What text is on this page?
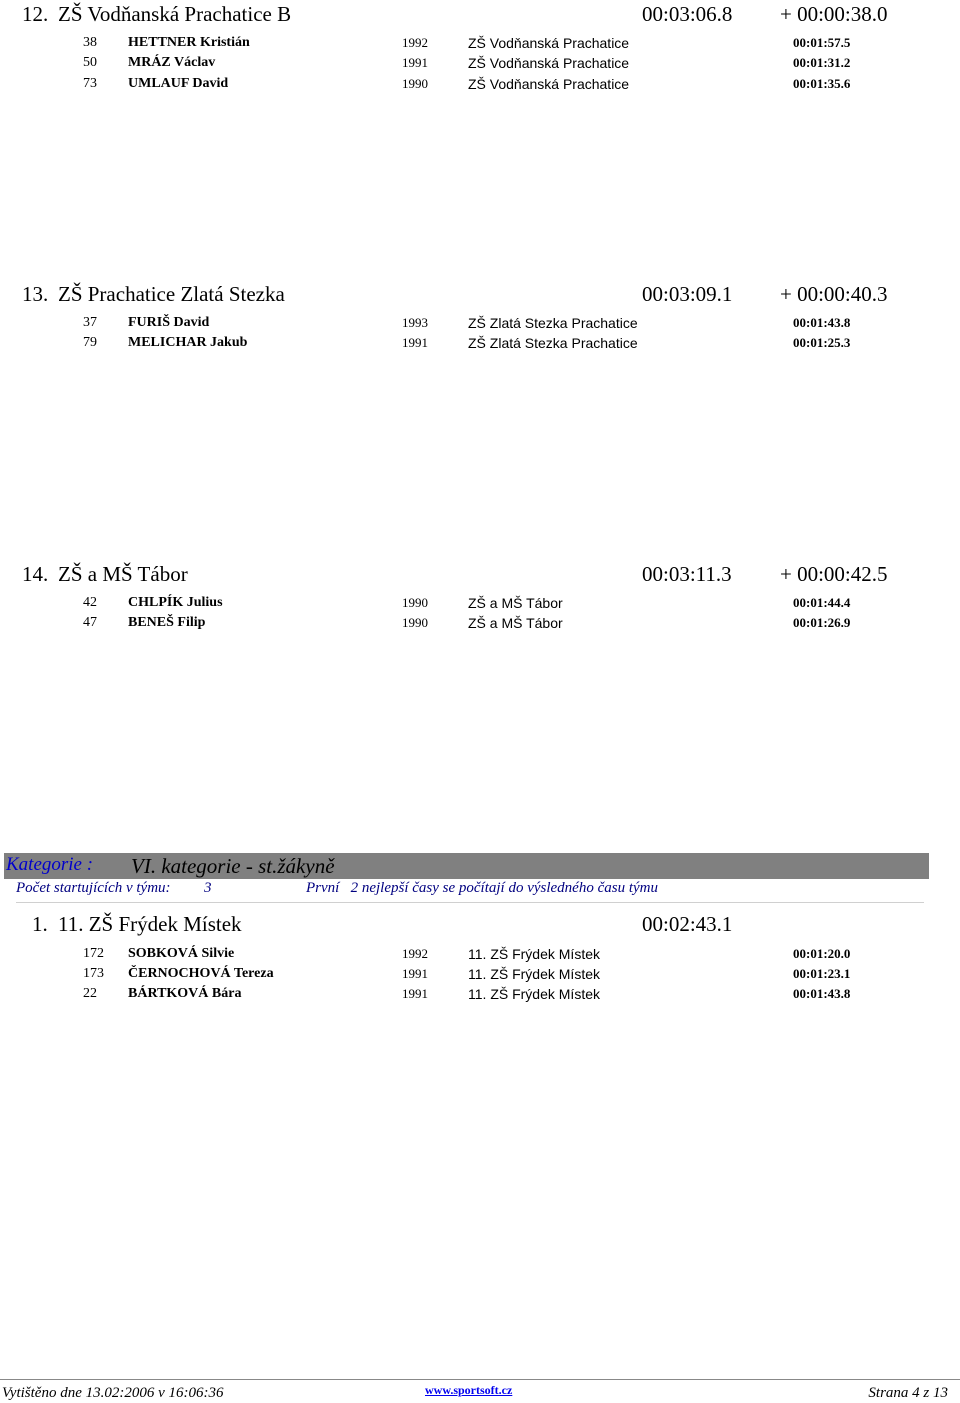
12. ZŠ Vodňanská Prachatice B	00:03:06.8 + 00:00:38.0
38 HETTNER Kristián	1992	ZŠ Vodňanská Prachatice	00:01:57.5
50 MRÁZ Václav	1991	ZŠ Vodňanská Prachatice	00:01:31.2
73 UMLAUF David	1990	ZŠ Vodňanská Prachatice	00:01:35.6
13. ZŠ Prachatice Zlatá Stezka	00:03:09.1 + 00:00:40.3
37 FURIŠ David	1993	ZŠ Zlatá Stezka Prachatice	00:01:43.8
79 MELICHAR Jakub	1991	ZŠ Zlatá Stezka Prachatice	00:01:25.3
14. ZŠ a MŠ Tábor	00:03:11.3 + 00:00:42.5
42 CHLPÍK Julius	1990	ZŠ a MŠ Tábor	00:01:44.4
47 BENEŠ Filip	1990	ZŠ a MŠ Tábor	00:01:26.9
Kategorie : VI. kategorie - st.žákyně
Počet startujících v týmu: 3	První   2 nejlepší časy se počítají do výsledného času týmu
1. 11. ZŠ Frýdek Místek	00:02:43.1
172 SOBKOVÁ Silvie	1992	11. ZŠ Frýdek Místek	00:01:20.0
173 ČERNOCHOVÁ Tereza	1991	11. ZŠ Frýdek Místek	00:01:23.1
22 BÁRTKOVÁ Bára	1991	11. ZŠ Frýdek Místek	00:01:43.8
Vytištěno dne 13.02:2006 v 16:06:36	www.sportsoft.cz	Strana 4 z 13
